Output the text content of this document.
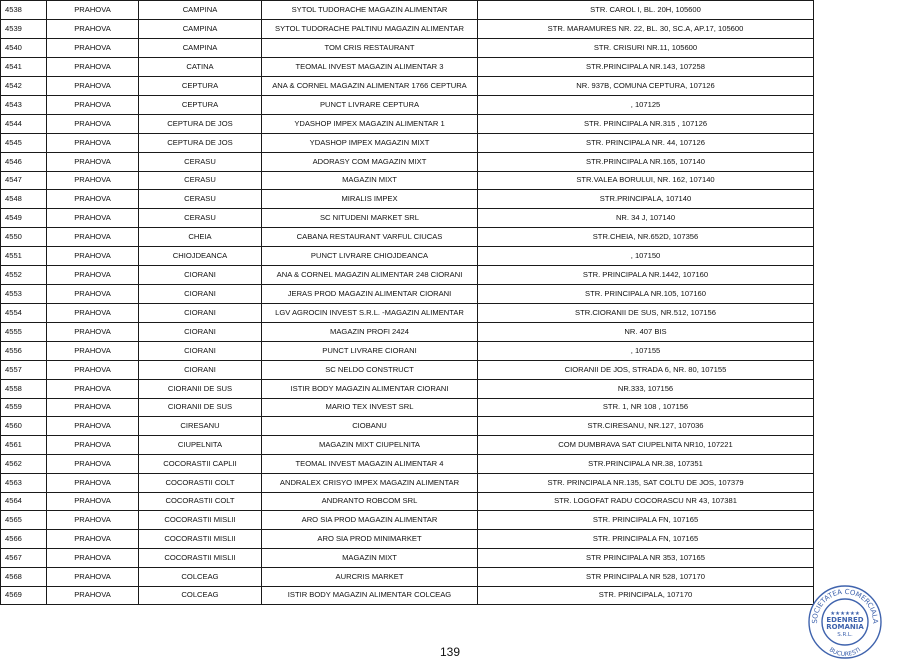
4538	PRAHOVA	CAMPINA	SYTOL TUDORACHE MAGAZIN ALIMENTAR	STR. CAROL I, BL. 20H, 105600
4539	PRAHOVA	CAMPINA	SYTOL TUDORACHE PALTINU MAGAZIN ALIMENTAR	STR. MARAMURES NR. 22, BL. 30, SC.A, AP.17, 105600
4540	PRAHOVA	CAMPINA	TOM CRIS RESTAURANT	STR. CRISURI NR.11, 105600
4541	PRAHOVA	CATINA	TEOMAL INVEST MAGAZIN ALIMENTAR 3	STR.PRINCIPALA NR.143, 107258
4542	PRAHOVA	CEPTURA	ANA & CORNEL MAGAZIN ALIMENTAR 1766 CEPTURA	NR. 937B, COMUNA CEPTURA, 107126
4543	PRAHOVA	CEPTURA	PUNCT LIVRARE CEPTURA	, 107125
4544	PRAHOVA	CEPTURA DE JOS	YDASHOP IMPEX MAGAZIN ALIMENTAR 1	STR. PRINCIPALA NR.315 , 107126
4545	PRAHOVA	CEPTURA DE JOS	YDASHOP IMPEX MAGAZIN MIXT	STR. PRINCIPALA NR. 44, 107126
4546	PRAHOVA	CERASU	ADORASY COM MAGAZIN MIXT	STR.PRINCIPALA NR.165, 107140
4547	PRAHOVA	CERASU	MAGAZIN MIXT	STR.VALEA BORULUI, NR. 162, 107140
4548	PRAHOVA	CERASU	MIRALIS IMPEX	STR.PRINCIPALA, 107140
4549	PRAHOVA	CERASU	SC NITUDENI MARKET SRL	NR. 34 J, 107140
4550	PRAHOVA	CHEIA	CABANA RESTAURANT VARFUL CIUCAS	STR.CHEIA, NR.652D, 107356
4551	PRAHOVA	CHIOJDEANCA	PUNCT LIVRARE CHIOJDEANCA	, 107150
4552	PRAHOVA	CIORANI	ANA & CORNEL MAGAZIN ALIMENTAR 248 CIORANI	STR. PRINCIPALA NR.1442, 107160
4553	PRAHOVA	CIORANI	JERAS PROD MAGAZIN ALIMENTAR CIORANI	STR. PRINCIPALA NR.105, 107160
4554	PRAHOVA	CIORANI	LGV AGROCIN INVEST S.R.L. -MAGAZIN ALIMENTAR	STR.CIORANII DE SUS, NR.512, 107156
4555	PRAHOVA	CIORANI	MAGAZIN PROFI 2424	NR. 407 BIS
4556	PRAHOVA	CIORANI	PUNCT LIVRARE CIORANI	, 107155
4557	PRAHOVA	CIORANI	SC NELDO CONSTRUCT	CIORANII DE JOS, STRADA 6, NR. 80, 107155
4558	PRAHOVA	CIORANII DE SUS	ISTIR BODY MAGAZIN ALIMENTAR CIORANI	NR.333, 107156
4559	PRAHOVA	CIORANII DE SUS	MARIO TEX INVEST SRL	STR. 1, NR 108 , 107156
4560	PRAHOVA	CIRESANU	CIOBANU	STR.CIRESANU, NR.127, 107036
4561	PRAHOVA	CIUPELNITA	MAGAZIN MIXT CIUPELNITA	COM DUMBRAVA SAT CIUPELNITA NR10, 107221
4562	PRAHOVA	COCORASTII CAPLII	TEOMAL INVEST MAGAZIN ALIMENTAR 4	STR.PRINCIPALA NR.38, 107351
4563	PRAHOVA	COCORASTII COLT	ANDRALEX CRISYO IMPEX MAGAZIN ALIMENTAR	STR. PRINCIPALA NR.135, SAT COLTU DE JOS, 107379
4564	PRAHOVA	COCORASTII COLT	ANDRANTO ROBCOM SRL	STR. LOGOFAT RADU COCORASCU NR 43, 107381
4565	PRAHOVA	COCORASTII MISLII	ARO SIA PROD MAGAZIN ALIMENTAR	STR. PRINCIPALA FN, 107165
4566	PRAHOVA	COCORASTII MISLII	ARO SIA PROD MINIMARKET	STR. PRINCIPALA FN, 107165
4567	PRAHOVA	COCORASTII MISLII	MAGAZIN MIXT	STR PRINCIPALA NR 353, 107165
4568	PRAHOVA	COLCEAG	AURCRIS MARKET	STR PRINCIPALA NR 528, 107170
4569	PRAHOVA	COLCEAG	ISTIR BODY MAGAZIN ALIMENTAR COLCEAG	STR. PRINCIPALA, 107170
139
SOCIETATEA COMERCIALA
★★★★★★
EDENRED
ROMANIA
S.R.L.
BUCURESTI
